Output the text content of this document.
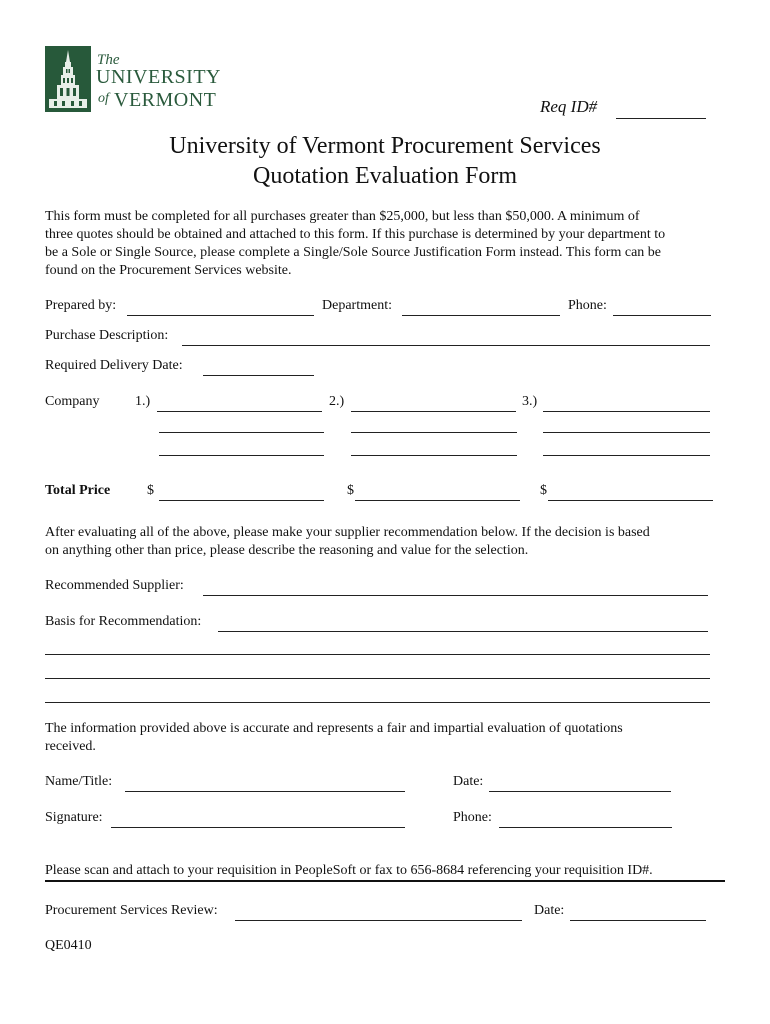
The
UNIVERSITY
of VERMONT	Req ID#
University of Vermont Procurement Services
Quotation Evaluation Form
This form must be completed for all purchases greater than $25,000, but less than $50,000. A minimum of
three quotes should be obtained and attached to this form. If this purchase is determined by your department to
be a Sole or Single Source, please complete a Single/Sole Source Justification Form instead. This form can be
found on the Procurement Services website.
Prepared by:	Department:	Phone:
Purchase Description:
Required Delivery Date:
Company	1.)	2.)	3.)
Total Price	$	$	$
After evaluating all of the above, please make your supplier recommendation below. If the decision is based
on anything other than price, please describe the reasoning and value for the selection.
Recommended Supplier:
Basis for Recommendation:
The information provided above is accurate and represents a fair and impartial evaluation of quotations
received.
Name/Title:	Date:
Signature:	Phone:
Please scan and attach to your requisition in PeopleSoft or fax to 656-8684 referencing your requisition ID#.
Procurement Services Review:	Date:
QE0410
